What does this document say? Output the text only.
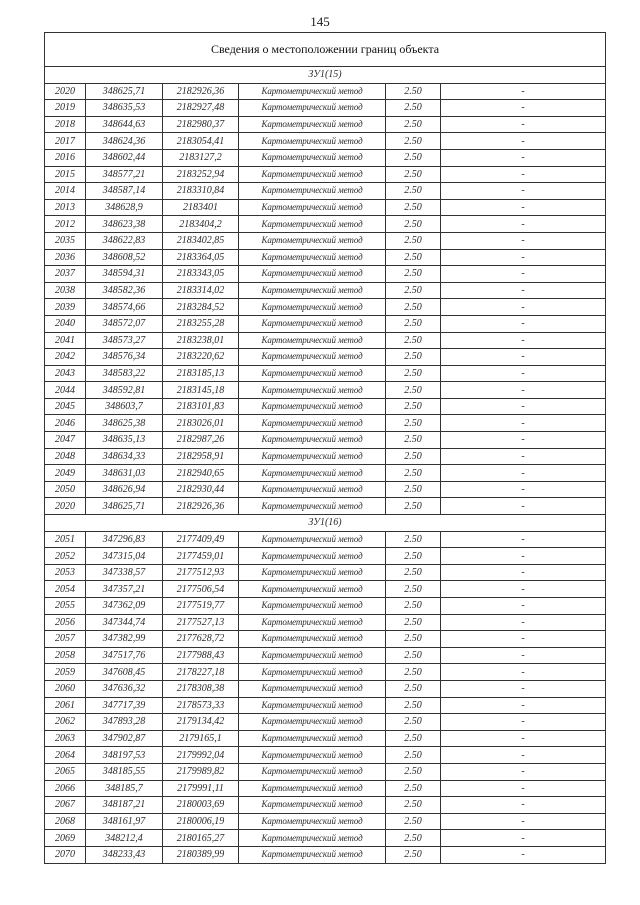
145
Сведения о местоположении границ объекта					
ЗУ1(15)					
2020	348625,71	2182926,36	Картометрический метод	2.50	-
2019	348635,53	2182927,48	Картометрический метод	2.50	-
2018	348644,63	2182980,37	Картометрический метод	2.50	-
2017	348624,36	2183054,41	Картометрический метод	2.50	-
2016	348602,44	2183127,2	Картометрический метод	2.50	-
2015	348577,21	2183252,94	Картометрический метод	2.50	-
2014	348587,14	2183310,84	Картометрический метод	2.50	-
2013	348628,9	2183401	Картометрический метод	2.50	-
2012	348623,38	2183404,2	Картометрический метод	2.50	-
2035	348622,83	2183402,85	Картометрический метод	2.50	-
2036	348608,52	2183364,05	Картометрический метод	2.50	-
2037	348594,31	2183343,05	Картометрический метод	2.50	-
2038	348582,36	2183314,02	Картометрический метод	2.50	-
2039	348574,66	2183284,52	Картометрический метод	2.50	-
2040	348572,07	2183255,28	Картометрический метод	2.50	-
2041	348573,27	2183238,01	Картометрический метод	2.50	-
2042	348576,34	2183220,62	Картометрический метод	2.50	-
2043	348583,22	2183185,13	Картометрический метод	2.50	-
2044	348592,81	2183145,18	Картометрический метод	2.50	-
2045	348603,7	2183101,83	Картометрический метод	2.50	-
2046	348625,38	2183026,01	Картометрический метод	2.50	-
2047	348635,13	2182987,26	Картометрический метод	2.50	-
2048	348634,33	2182958,91	Картометрический метод	2.50	-
2049	348631,03	2182940,65	Картометрический метод	2.50	-
2050	348626,94	2182930,44	Картометрический метод	2.50	-
2020	348625,71	2182926,36	Картометрический метод	2.50	-
ЗУ1(16)					
2051	347296,83	2177409,49	Картометрический метод	2.50	-
2052	347315,04	2177459,01	Картометрический метод	2.50	-
2053	347338,57	2177512,93	Картометрический метод	2.50	-
2054	347357,21	2177506,54	Картометрический метод	2.50	-
2055	347362,09	2177519,77	Картометрический метод	2.50	-
2056	347344,74	2177527,13	Картометрический метод	2.50	-
2057	347382,99	2177628,72	Картометрический метод	2.50	-
2058	347517,76	2177988,43	Картометрический метод	2.50	-
2059	347608,45	2178227,18	Картометрический метод	2.50	-
2060	347636,32	2178308,38	Картометрический метод	2.50	-
2061	347717,39	2178573,33	Картометрический метод	2.50	-
2062	347893,28	2179134,42	Картометрический метод	2.50	-
2063	347902,87	2179165,1	Картометрический метод	2.50	-
2064	348197,53	2179992,04	Картометрический метод	2.50	-
2065	348185,55	2179989,82	Картометрический метод	2.50	-
2066	348185,7	2179991,11	Картометрический метод	2.50	-
2067	348187,21	2180003,69	Картометрический метод	2.50	-
2068	348161,97	2180006,19	Картометрический метод	2.50	-
2069	348212,4	2180165,27	Картометрический метод	2.50	-
2070	348233,43	2180389,99	Картометрический метод	2.50	-
